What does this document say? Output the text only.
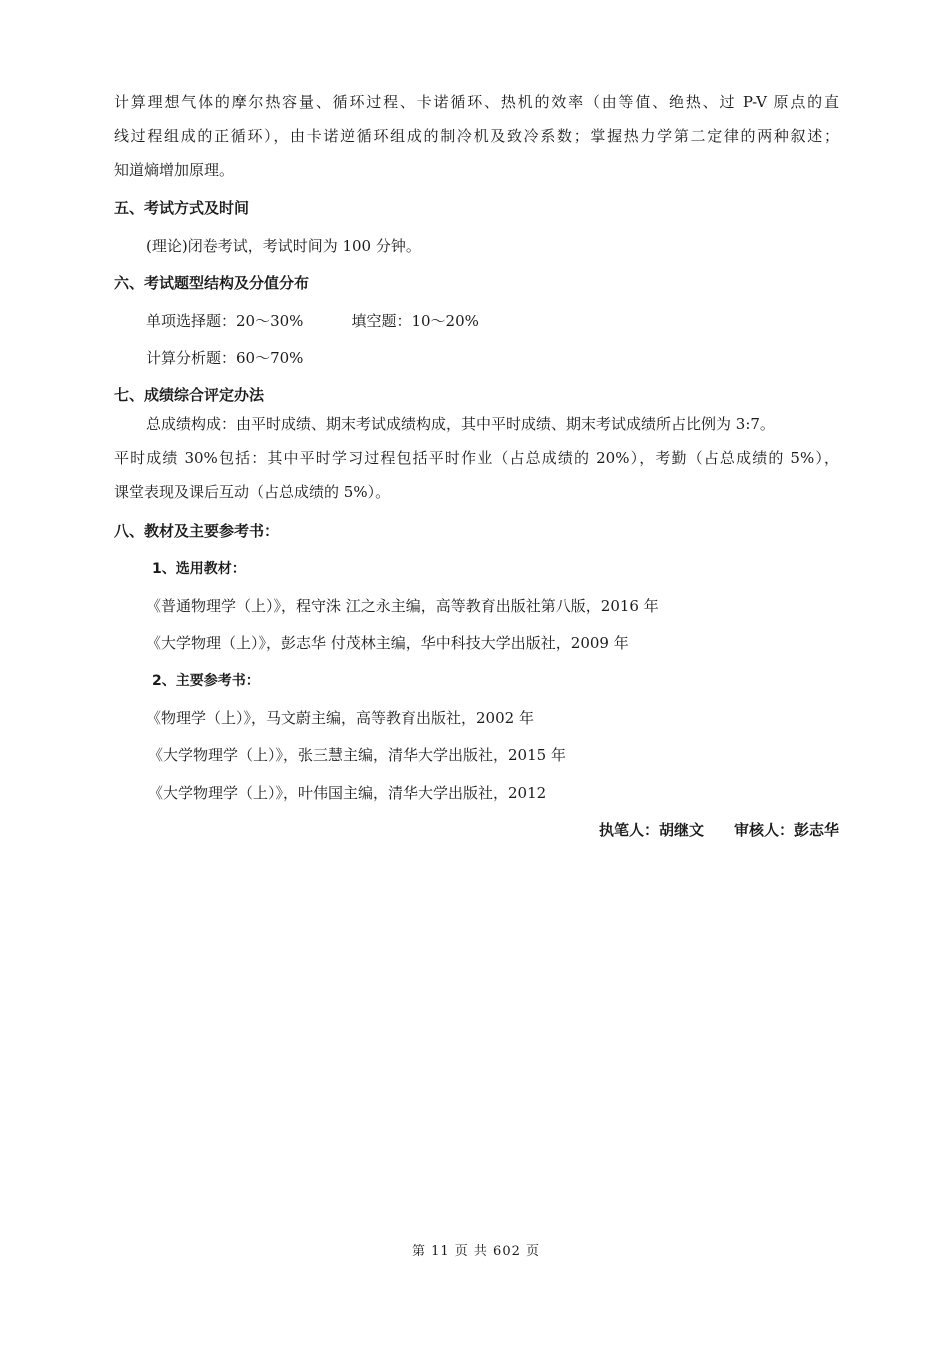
计算理想气体的摩尔热容量、循环过程、卡诺循环、热机的效率（由等值、绝热、过 P-V 原点的直
线过程组成的正循环），由卡诺逆循环组成的制冷机及致冷系数；掌握热力学第二定律的两种叙述；
知道熵增加原理。
五、考试方式及时间
(理论)闭卷考试，考试时间为 100 分钟。
六、考试题型结构及分值分布
单项选择题：20～30%	填空题：10～20%
计算分析题：60～70%
七、成绩综合评定办法
总成绩构成：由平时成绩、期末考试成绩构成，其中平时成绩、期末考试成绩所占比例为 3:7。
平时成绩 30%包括：其中平时学习过程包括平时作业（占总成绩的 20%），考勤（占总成绩的 5%），
课堂表现及课后互动（占总成绩的 5%）。
八、教材及主要参考书：
1、选用教材：
《普通物理学（上）》，程守洙 江之永主编，高等教育出版社第八版，2016 年
《大学物理（上）》，彭志华 付茂林主编，华中科技大学出版社，2009 年
2、主要参考书：
《物理学（上）》，马文蔚主编，高等教育出版社，2002 年
《大学物理学（上）》，张三慧主编，清华大学出版社，2015 年
《大学物理学（上）》，叶伟国主编，清华大学出版社，2012
执笔人：胡继文 审核人：彭志华
第 11 页 共 602 页
